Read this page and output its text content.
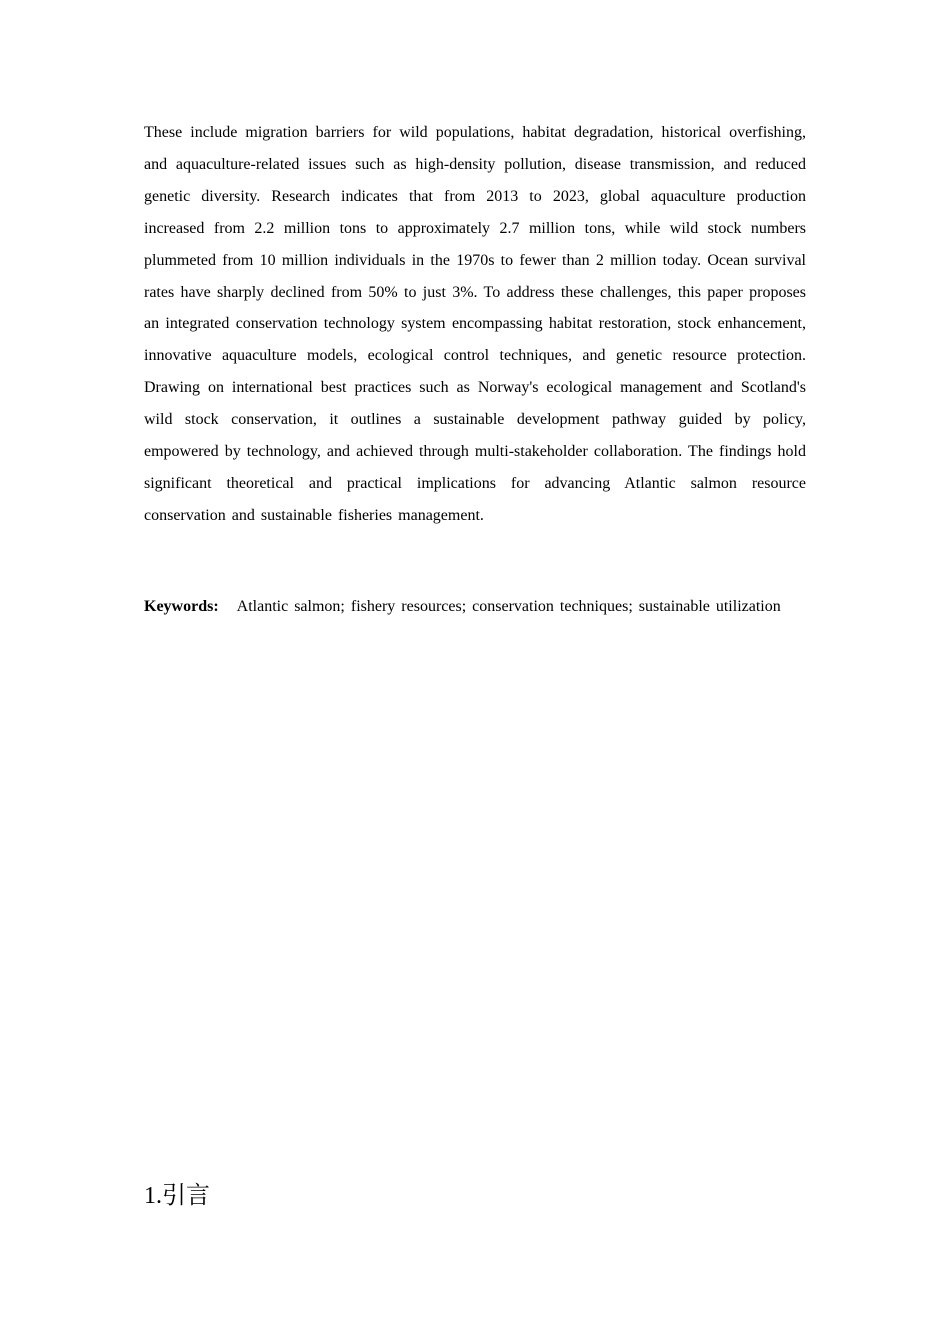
These include migration barriers for wild populations, habitat degradation, historical overfishing, and aquaculture-related issues such as high-density pollution, disease transmission, and reduced genetic diversity. Research indicates that from 2013 to 2023, global aquaculture production increased from 2.2 million tons to approximately 2.7 million tons, while wild stock numbers plummeted from 10 million individuals in the 1970s to fewer than 2 million today. Ocean survival rates have sharply declined from 50% to just 3%. To address these challenges, this paper proposes an integrated conservation technology system encompassing habitat restoration, stock enhancement, innovative aquaculture models, ecological control techniques, and genetic resource protection. Drawing on international best practices such as Norway's ecological management and Scotland's wild stock conservation, it outlines a sustainable development pathway guided by policy, empowered by technology, and achieved through multi-stakeholder collaboration. The findings hold significant theoretical and practical implications for advancing Atlantic salmon resource conservation and sustainable fisheries management.

Keywords: Atlantic salmon; fishery resources; conservation techniques; sustainable utilization

1.引言
